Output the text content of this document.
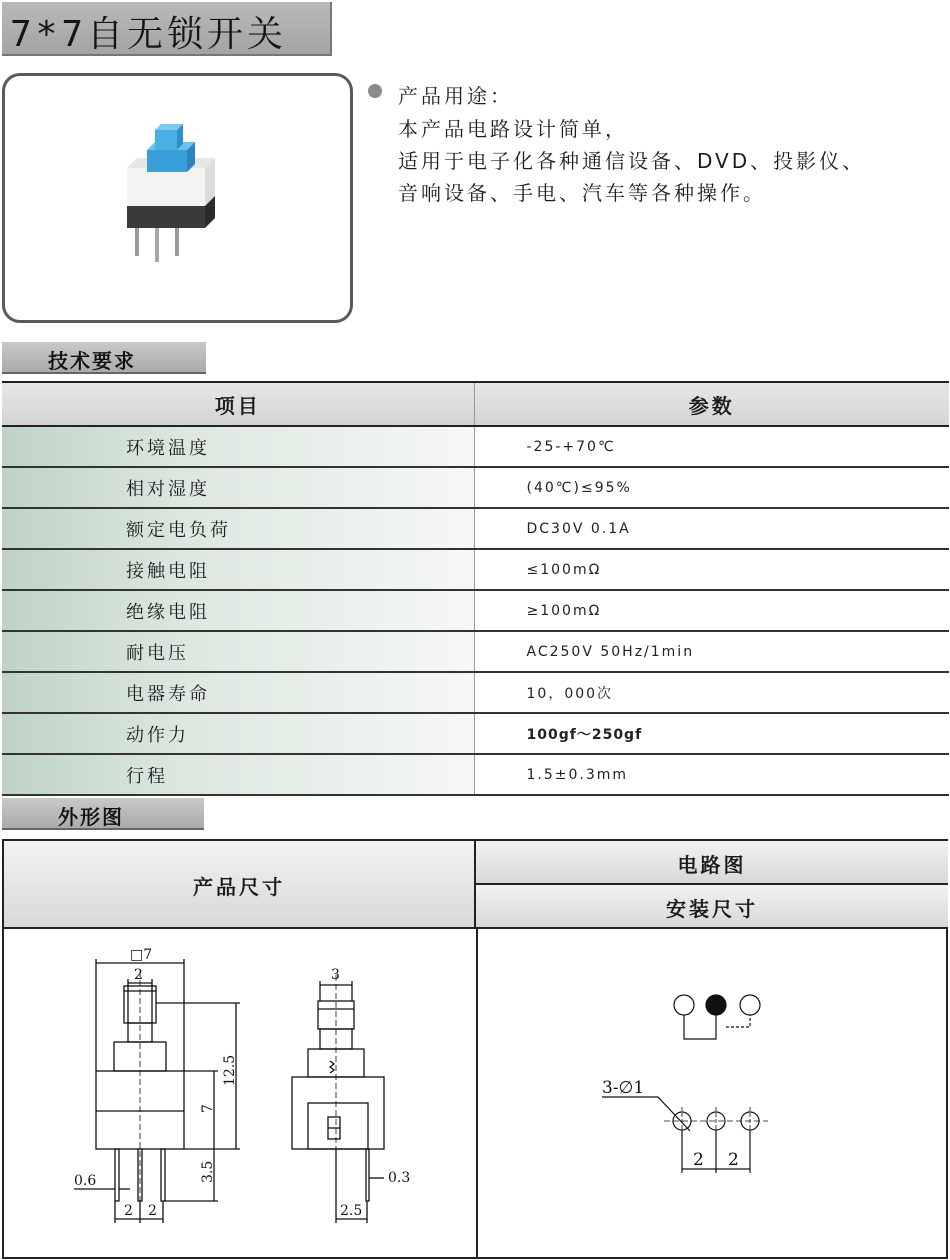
7*7自无锁开关
产品用途：
本产品电路设计简单，
适用于电子化各种通信设备、DVD、投影仪、
音响设备、手电、汽车等各种操作。
技术要求
项目	参数
环境温度	-25-+70℃
相对湿度	(40℃)≤95%
额定电负荷	DC30V 0.1A
接触电阻	≤100mΩ
绝缘电阻	≥100mΩ
耐电压	AC250V 50Hz/1min
电器寿命	10，000次
动作力	100gf～250gf
行程	1.5±0.3mm
外形图
产品尺寸
电路图
安装尺寸
□7
2
12.5
7
3.5
0.6
2 2
3
0.3
2.5
3-∅1
2 2
